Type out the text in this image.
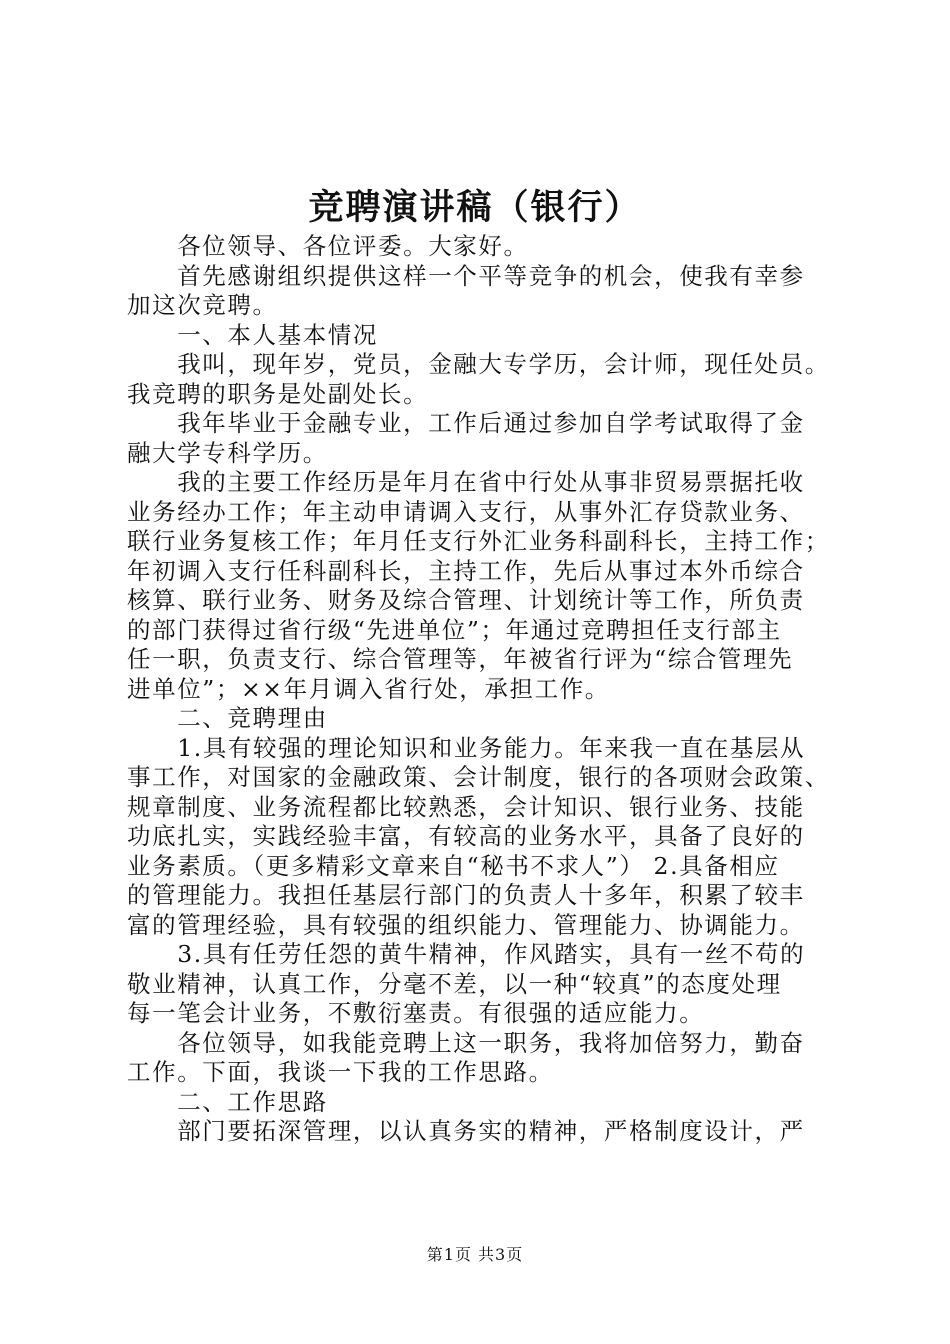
竞聘演讲稿（银行）
　　各位领导、各位评委。大家好。
　　首先感谢组织提供这样一个平等竞争的机会，使我有幸参
加这次竞聘。
　　一、本人基本情况
　　我叫，现年岁，党员，金融大专学历，会计师，现任处员。
我竞聘的职务是处副处长。
　　我年毕业于金融专业，工作后通过参加自学考试取得了金
融大学专科学历。
　　我的主要工作经历是年月在省中行处从事非贸易票据托收
业务经办工作；年主动申请调入支行，从事外汇存贷款业务、
联行业务复核工作；年月任支行外汇业务科副科长，主持工作；
年初调入支行任科副科长，主持工作，先后从事过本外币综合
核算、联行业务、财务及综合管理、计划统计等工作，所负责
的部门获得过省行级“先进单位”；年通过竞聘担任支行部主
任一职，负责支行、综合管理等，年被省行评为“综合管理先
进单位”；××年月调入省行处，承担工作。
　　二、竞聘理由
　　1.具有较强的理论知识和业务能力。年来我一直在基层从
事工作，对国家的金融政策、会计制度，银行的各项财会政策、
规章制度、业务流程都比较熟悉，会计知识、银行业务、技能
功底扎实，实践经验丰富，有较高的业务水平，具备了良好的
业务素质。（更多精彩文章来自“秘书不求人”） 2.具备相应
的管理能力。我担任基层行部门的负责人十多年，积累了较丰
富的管理经验，具有较强的组织能力、管理能力、协调能力。
　　3.具有任劳任怨的黄牛精神，作风踏实，具有一丝不苟的
敬业精神，认真工作，分毫不差，以一种“较真”的态度处理
每一笔会计业务，不敷衍塞责。有很强的适应能力。
　　各位领导，如我能竞聘上这一职务，我将加倍努力，勤奋
工作。下面，我谈一下我的工作思路。
　　二、工作思路
　　部门要拓深管理，以认真务实的精神，严格制度设计，严
第1页 共3页
